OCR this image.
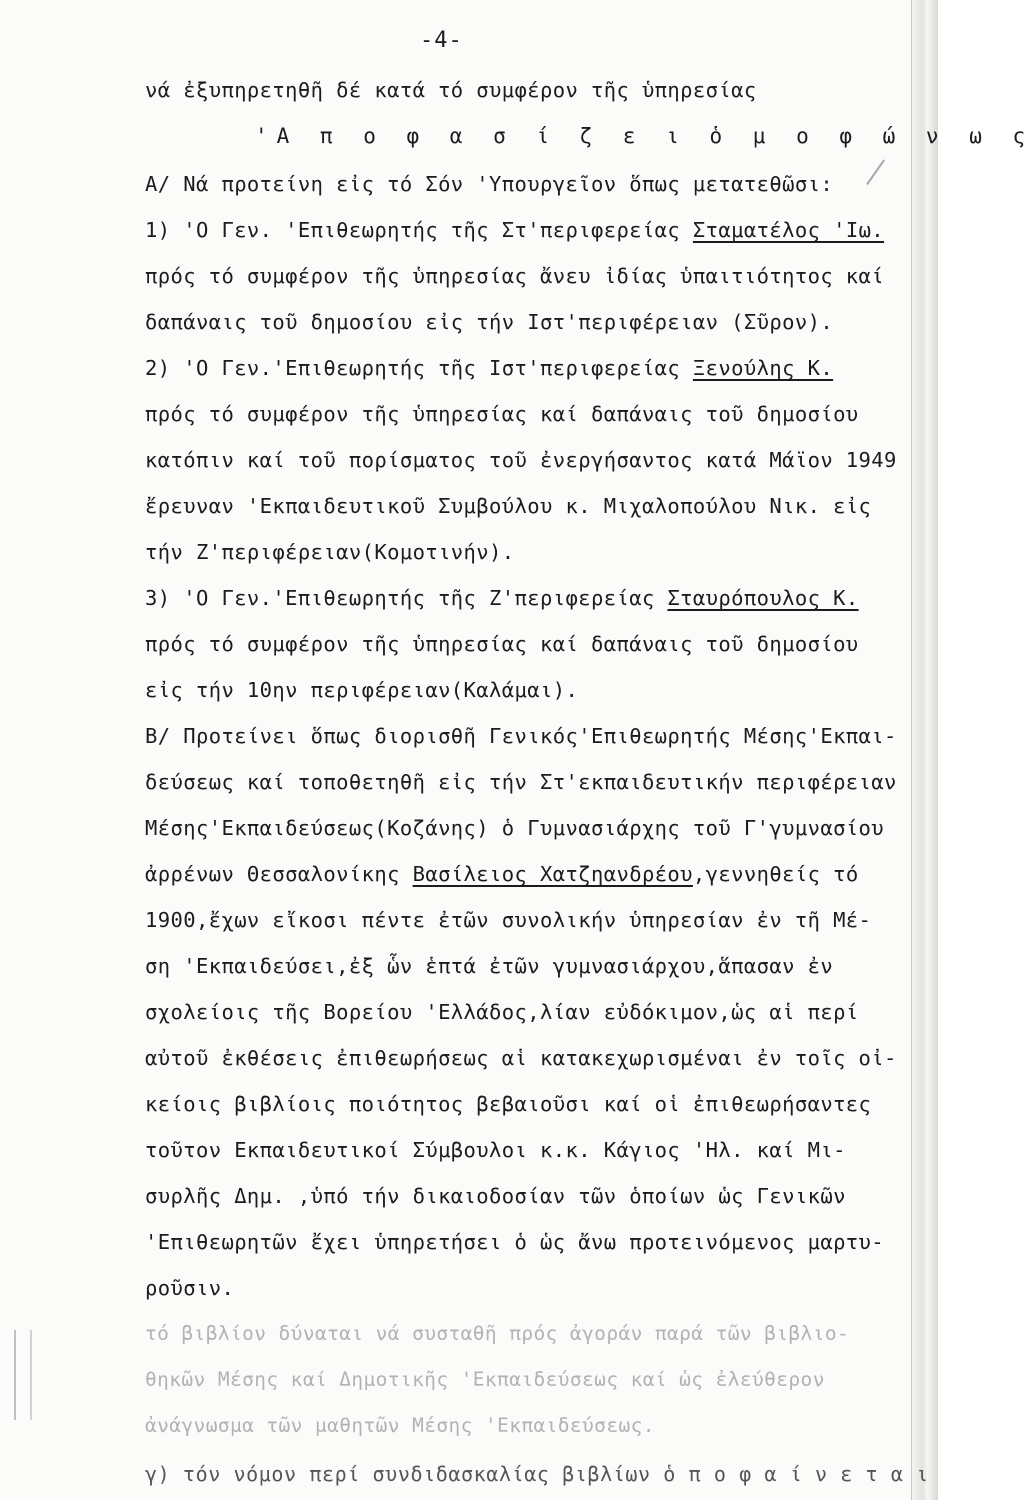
-4-
νά ἐξυπηρετηθῆ δέ κατά τό συμφέρον τῆς ὑπηρεσίας
'Α π ο φ α σ ί ζ ε ι ὁ μ ο φ ώ ν ω ς
Α/ Νά προτείνη εἰς τό Σόν 'Υπουργεῖον ὅπως μετατεθῶσι:
1) 'Ο Γεν. 'Επιθεωρητής τῆς Στ'περιφερείας Σταματέλος 'Ιω.
πρός τό συμφέρον τῆς ὑπηρεσίας ἄνευ ἰδίας ὑπαιτιότητος καί
δαπάναις τοῦ δημοσίου εἰς τήν Ιστ'περιφέρειαν (Σῦρον).
2) 'Ο Γεν.'Επιθεωρητής τῆς Ιστ'περιφερείας Ξενούλης Κ.
πρός τό συμφέρον τῆς ὑπηρεσίας καί δαπάναις τοῦ δημοσίου
κατόπιν καί τοῦ πορίσματος τοῦ ἐνεργήσαντος κατά Μάϊον 1949
ἔρευναν 'Εκπαιδευτικοῦ Συμβούλου κ. Μιχαλοπούλου Νικ. εἰς
τήν Ζ'περιφέρειαν(Κομοτινήν).
3) 'Ο Γεν.'Επιθεωρητής τῆς Ζ'περιφερείας Σταυρόπουλος Κ.
πρός τό συμφέρον τῆς ὑπηρεσίας καί δαπάναις τοῦ δημοσίου
εἰς τήν 10ην περιφέρειαν(Καλάμαι).
Β/ Προτείνει ὅπως διορισθῆ Γενικός'Επιθεωρητής Μέσης'Εκπαι-
δεύσεως καί τοποθετηθῆ εἰς τήν Στ'εκπαιδευτικήν περιφέρειαν
Μέσης'Εκπαιδεύσεως(Κοζάνης) ὁ Γυμνασιάρχης τοῦ Γ'γυμνασίου
ἀρρένων Θεσσαλονίκης Βασίλειος Χατζηανδρέου,γεννηθείς τό
1900,ἔχων εἴκοσι πέντε ἐτῶν συνολικήν ὑπηρεσίαν ἐν τῆ Μέ-
ση 'Εκπαιδεύσει,ἐξ ὧν ἑπτά ἐτῶν γυμνασιάρχου,ἅπασαν ἐν
σχολείοις τῆς Βορείου 'Ελλάδος,λίαν εὐδόκιμον,ὡς αἱ περί
αὐτοῦ ἐκθέσεις ἐπιθεωρήσεως αἱ κατακεχωρισμέναι ἐν τοῖς οἰ-
κείοις βιβλίοις ποιότητος βεβαιοῦσι καί οἱ ἐπιθεωρήσαντες
τοῦτον Εκπαιδευτικοί Σύμβουλοι κ.κ. Κάγιος 'Ηλ. καί Μι-
συρλῆς Δημ. ,ὑπό τήν δικαιοδοσίαν τῶν ὁποίων ὡς Γενικῶν
'Επιθεωρητῶν ἔχει ὑπηρετήσει ὁ ὡς ἄνω προτεινόμενος μαρτυ-
ροῦσιν.
τό βιβλίον δύναται νά συσταθῆ πρός ἀγοράν παρά τῶν βιβλιο-
θηκῶν Μέσης καί Δημοτικῆς 'Εκπαιδεύσεως καί ὡς ἐλεύθερον
ἀνάγνωσμα τῶν μαθητῶν Μέσης 'Εκπαιδεύσεως.
γ) τόν νόμον περί συνδιδασκαλίας βιβλίων ὁ π ο φ α ί ν ε τ α ι
